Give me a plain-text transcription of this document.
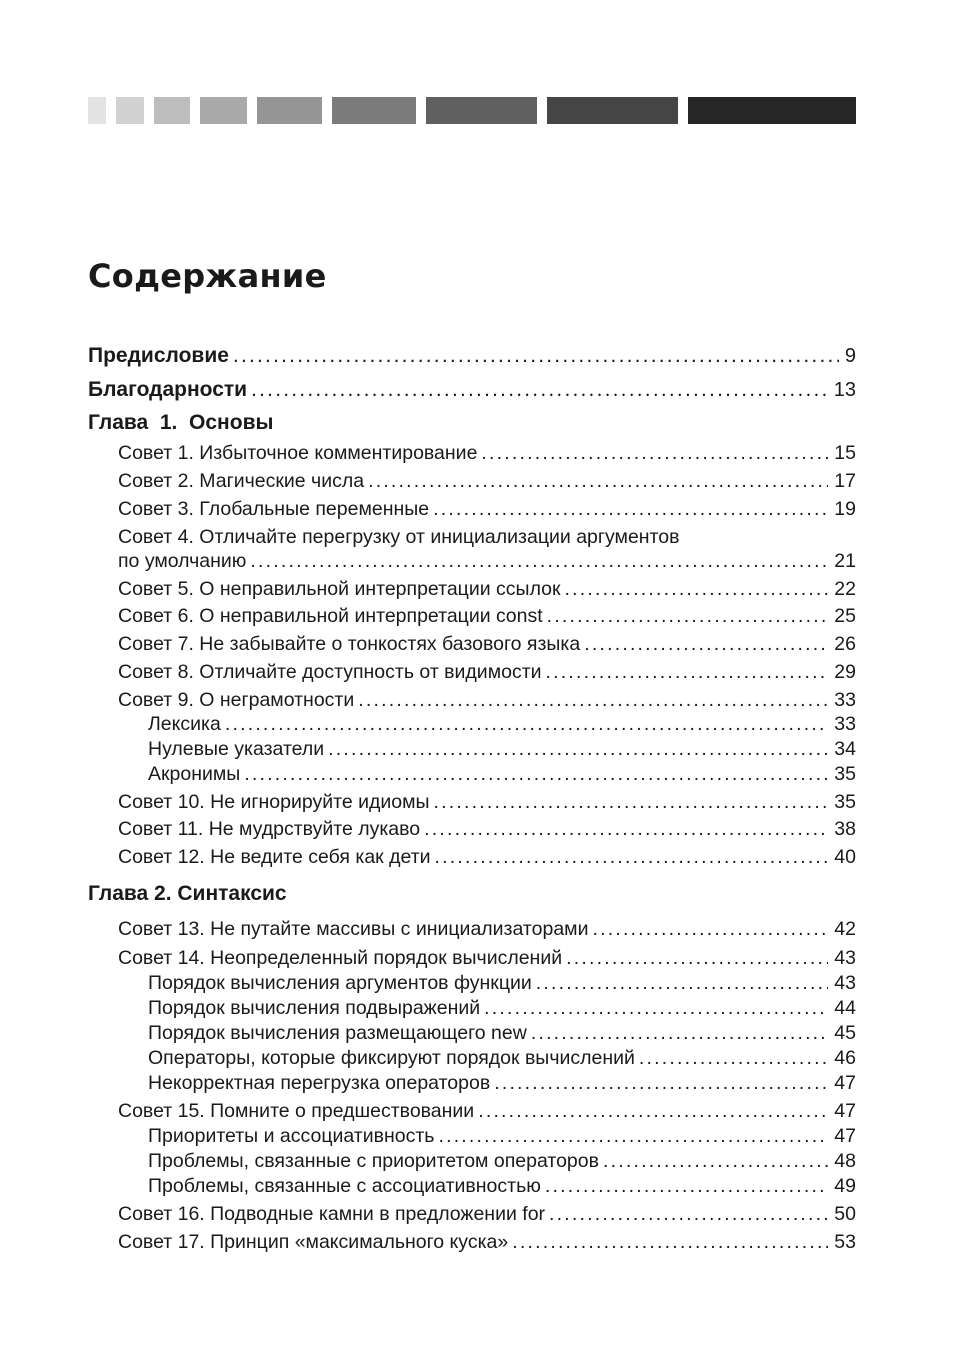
Содержание
Предисловие .....	9
Благодарности .....	13
Глава  1.  Основы
Совет 1. Избыточное комментирование .....	15
Совет 2. Магические числа .....	17
Совет 3. Глобальные переменные .....	19
Совет 4. Отличайте перегрузку от инициализации аргументов
по умолчанию .....	21
Совет 5. О неправильной интерпретации ссылок .....	22
Совет 6. О неправильной интерпретации const .....	25
Совет 7. Не забывайте о тонкостях базового языка .....	26
Совет 8. Отличайте доступность от видимости .....	29
Совет 9. О неграмотности .....	33
Лексика .....	33
Нулевые указатели .....	34
Акронимы .....	35
Совет 10. Не игнорируйте идиомы .....	35
Совет 11. Не мудрствуйте лукаво .....	38
Совет 12. Не ведите себя как дети .....	40
Глава 2. Синтаксис
Совет 13. Не путайте массивы с инициализаторами .....	42
Совет 14. Неопределенный порядок вычислений .....	43
Порядок вычисления аргументов функции .....	43
Порядок вычисления подвыражений .....	44
Порядок вычисления размещающего new .....	45
Операторы, которые фиксируют порядок вычислений .....	46
Некорректная перегрузка операторов .....	47
Совет 15. Помните о предшествовании .....	47
Приоритеты и ассоциативность .....	47
Проблемы, связанные с приоритетом операторов .....	48
Проблемы, связанные с ассоциативностью .....	49
Совет 16. Подводные камни в предложении for .....	50
Совет 17. Принцип «максимального куска» .....	53
